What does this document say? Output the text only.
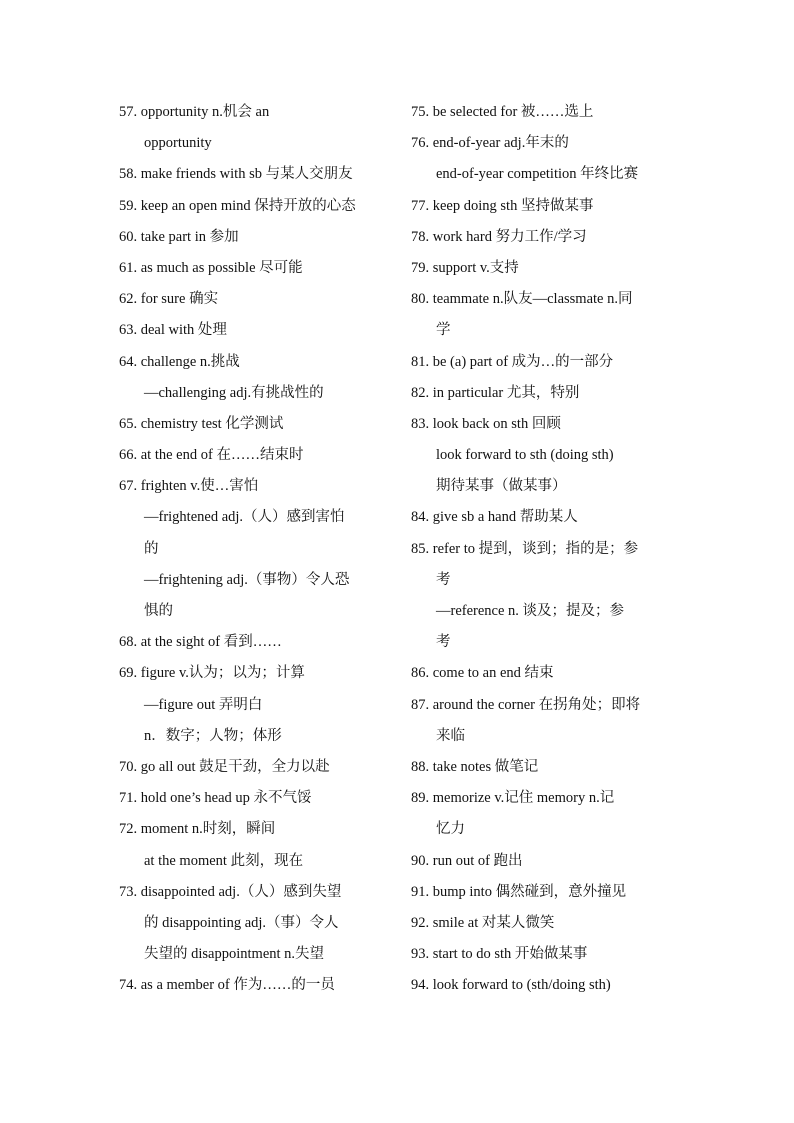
57. opportunity n.机会 an
opportunity
58. make friends with sb 与某人交朋友
59. keep an open mind 保持开放的心态
60. take part in 参加
61. as much as possible 尽可能
62. for sure 确实
63. deal with 处理
64. challenge n.挑战
—challenging adj.有挑战性的
65. chemistry test 化学测试
66. at the end of 在……结束时
67. frighten v.使…害怕
—frightened adj.（人）感到害怕
的
—frightening adj.（事物）令人恐
惧的
68. at the sight of 看到……
69. figure v.认为；以为；计算
—figure out 弄明白
n．数字；人物；体形
70. go all out 鼓足干劲，全力以赴
71. hold one’s head up 永不气馁
72. moment n.时刻，瞬间
at the moment 此刻，现在
73. disappointed adj.（人）感到失望
的 disappointing adj.（事）令人
失望的 disappointment n.失望
74. as a member of 作为……的一员
75. be selected for 被……选上
76. end-of-year adj.年末的
end-of-year competition 年终比赛
77. keep doing sth 坚持做某事
78. work hard 努力工作/学习
79. support v.支持
80. teammate n.队友—classmate n.同
学
81. be (a) part of 成为…的一部分
82. in particular 尤其，特别
83. look back on sth 回顾
look forward to sth (doing sth)
期待某事（做某事）
84. give sb a hand 帮助某人
85. refer to 提到，谈到；指的是；参
考
—reference n. 谈及；提及；参
考
86. come to an end 结束
87. around the corner 在拐角处；即将
来临
88. take notes 做笔记
89. memorize v.记住 memory n.记
忆力
90. run out of 跑出
91. bump into 偶然碰到，意外撞见
92. smile at 对某人微笑
93. start to do sth 开始做某事
94. look forward to (sth/doing sth)
